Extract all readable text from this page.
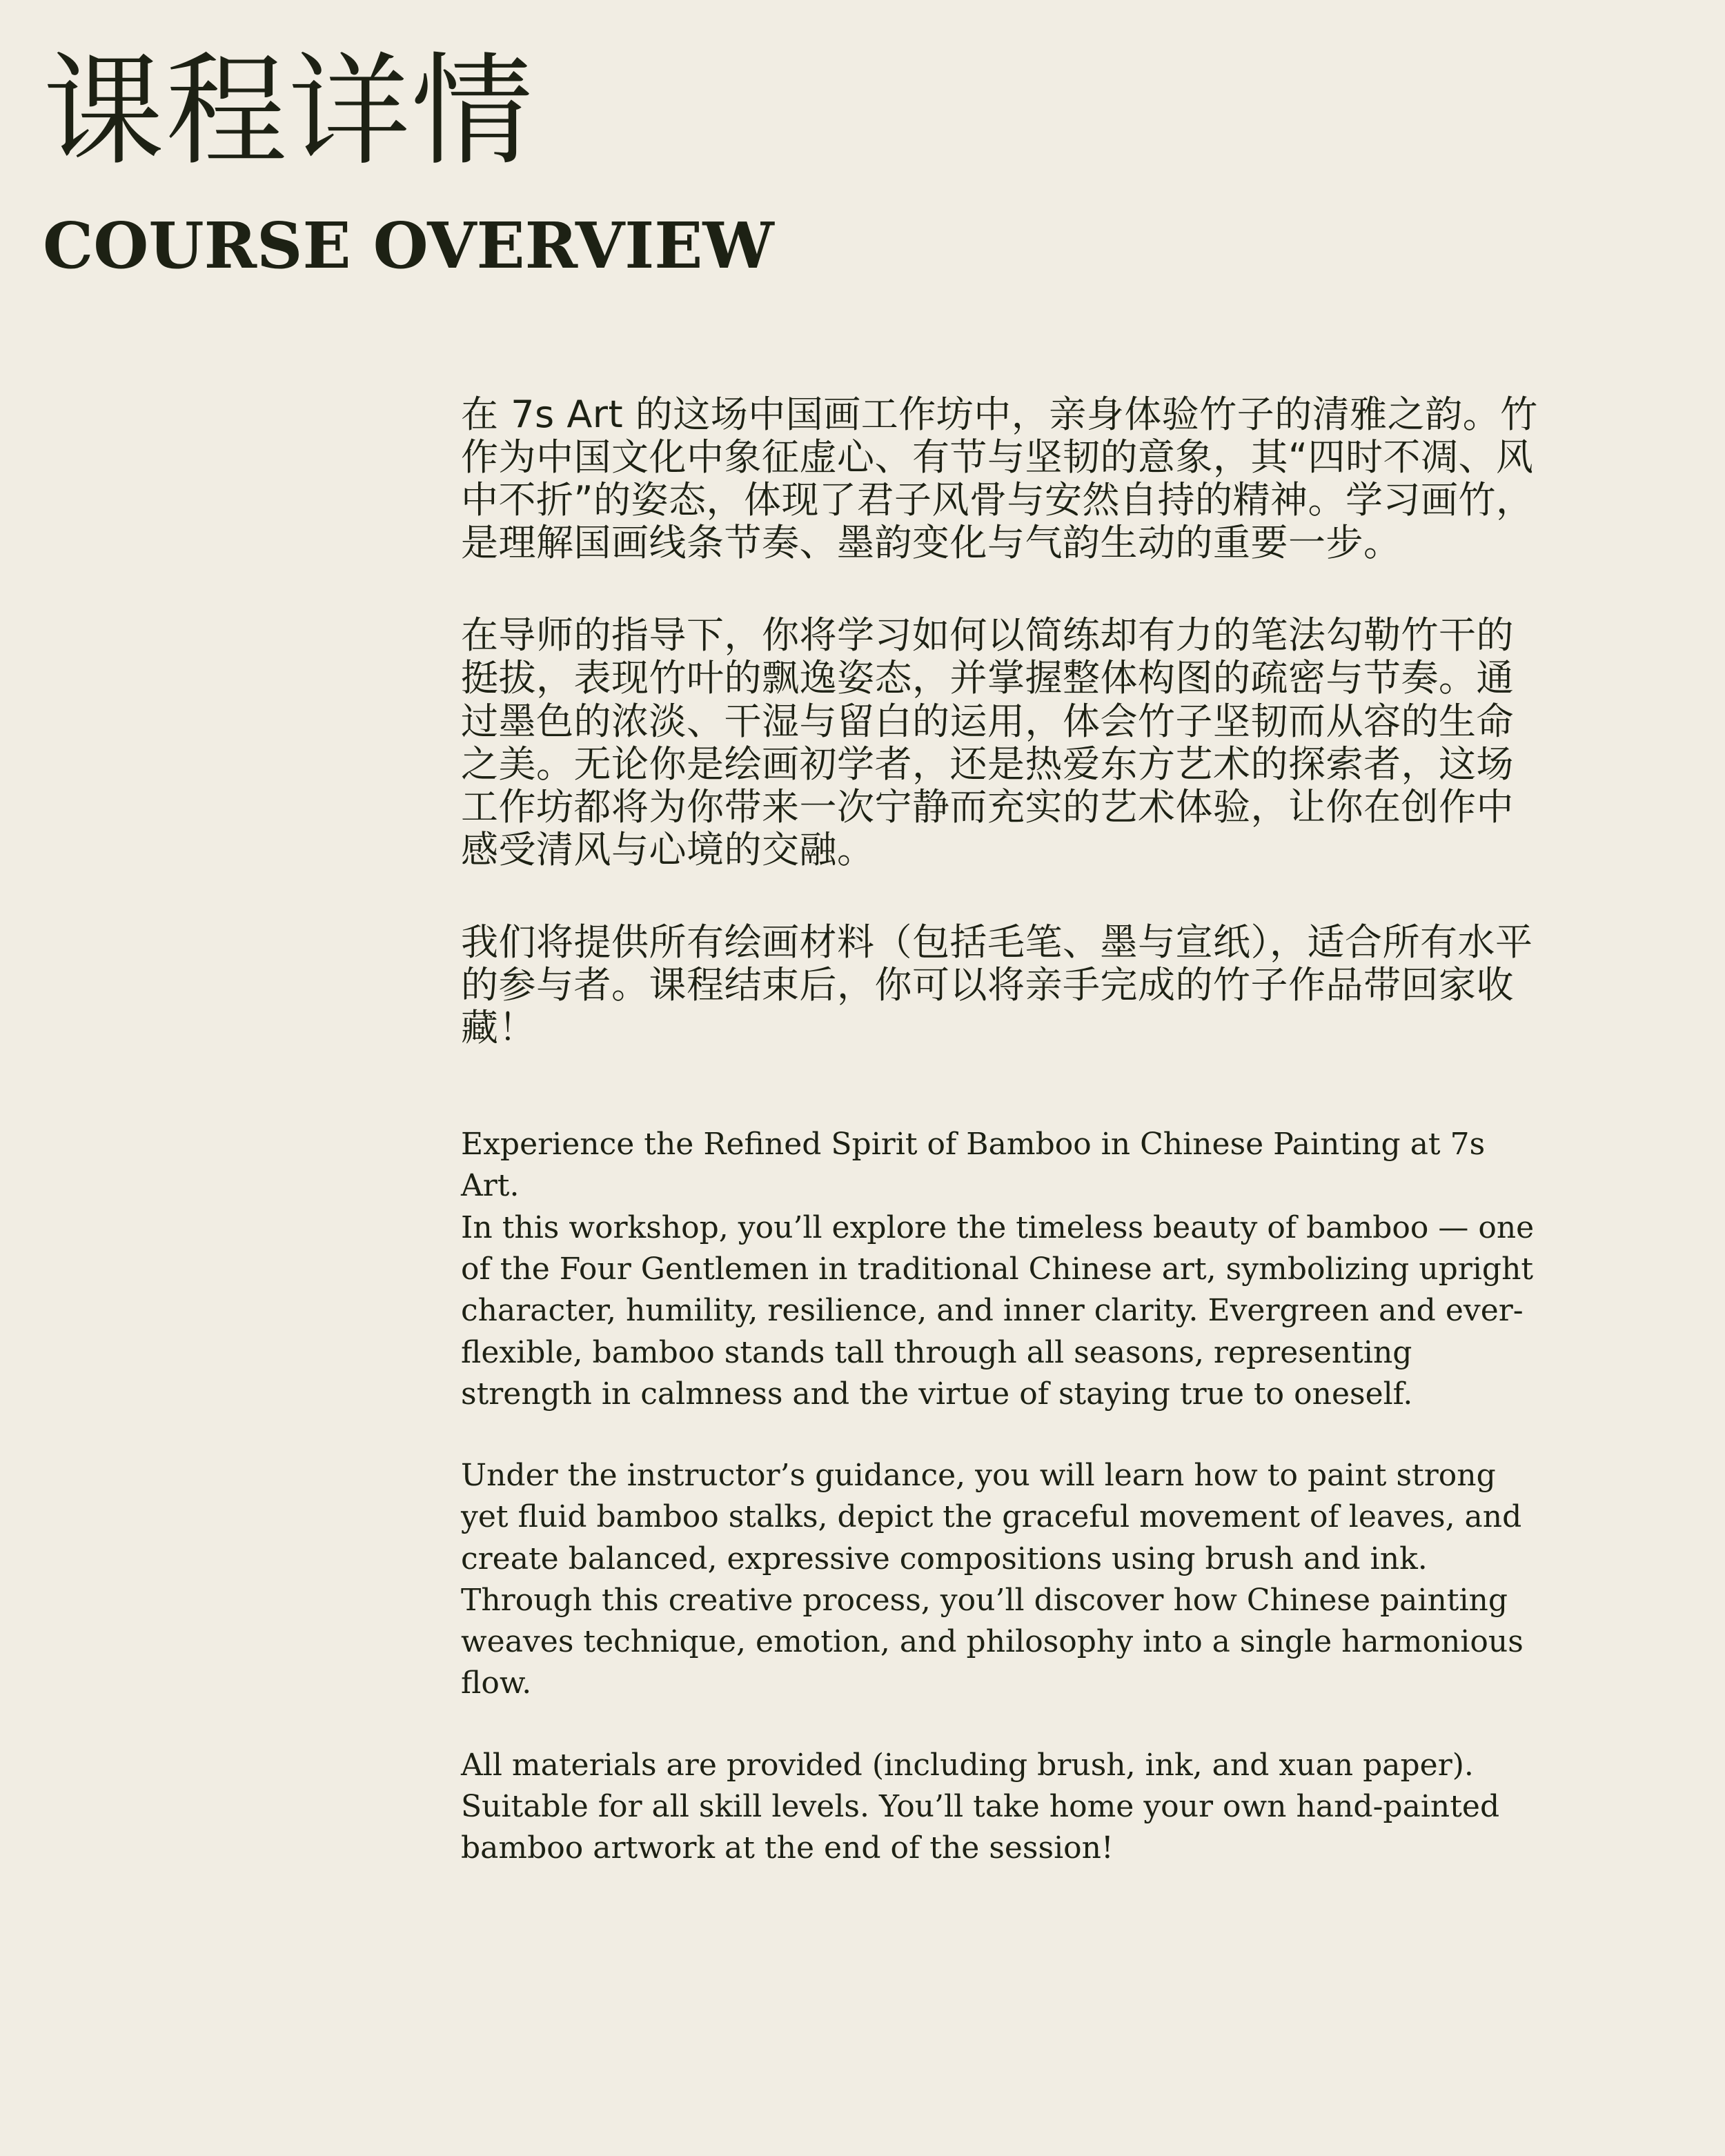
课程详情
COURSE OVERVIEW

在 7s Art 的这场中国画工作坊中，亲身体验竹子的清雅之韵。竹作为中国文化中象征虚心、有节与坚韧的意象，其“四时不凋、风中不折”的姿态，体现了君子风骨与安然自持的精神。学习画竹，是理解国画线条节奏、墨韵变化与气韵生动的重要一步。

在导师的指导下，你将学习如何以简练却有力的笔法勾勒竹干的挺拔，表现竹叶的飘逸姿态，并掌握整体构图的疏密与节奏。通过墨色的浓淡、干湿与留白的运用，体会竹子坚韧而从容的生命之美。无论你是绘画初学者，还是热爱东方艺术的探索者，这场工作坊都将为你带来一次宁静而充实的艺术体验，让你在创作中感受清风与心境的交融。

我们将提供所有绘画材料（包括毛笔、墨与宣纸），适合所有水平的参与者。课程结束后，你可以将亲手完成的竹子作品带回家收藏！

Experience the Refined Spirit of Bamboo in Chinese Painting at 7s Art.
In this workshop, you’ll explore the timeless beauty of bamboo — one of the Four Gentlemen in traditional Chinese art, symbolizing upright character, humility, resilience, and inner clarity. Evergreen and ever-flexible, bamboo stands tall through all seasons, representing strength in calmness and the virtue of staying true to oneself.

Under the instructor’s guidance, you will learn how to paint strong yet fluid bamboo stalks, depict the graceful movement of leaves, and create balanced, expressive compositions using brush and ink. Through this creative process, you’ll discover how Chinese painting weaves technique, emotion, and philosophy into a single harmonious flow.

All materials are provided (including brush, ink, and xuan paper). Suitable for all skill levels. You’ll take home your own hand-painted bamboo artwork at the end of the session!
